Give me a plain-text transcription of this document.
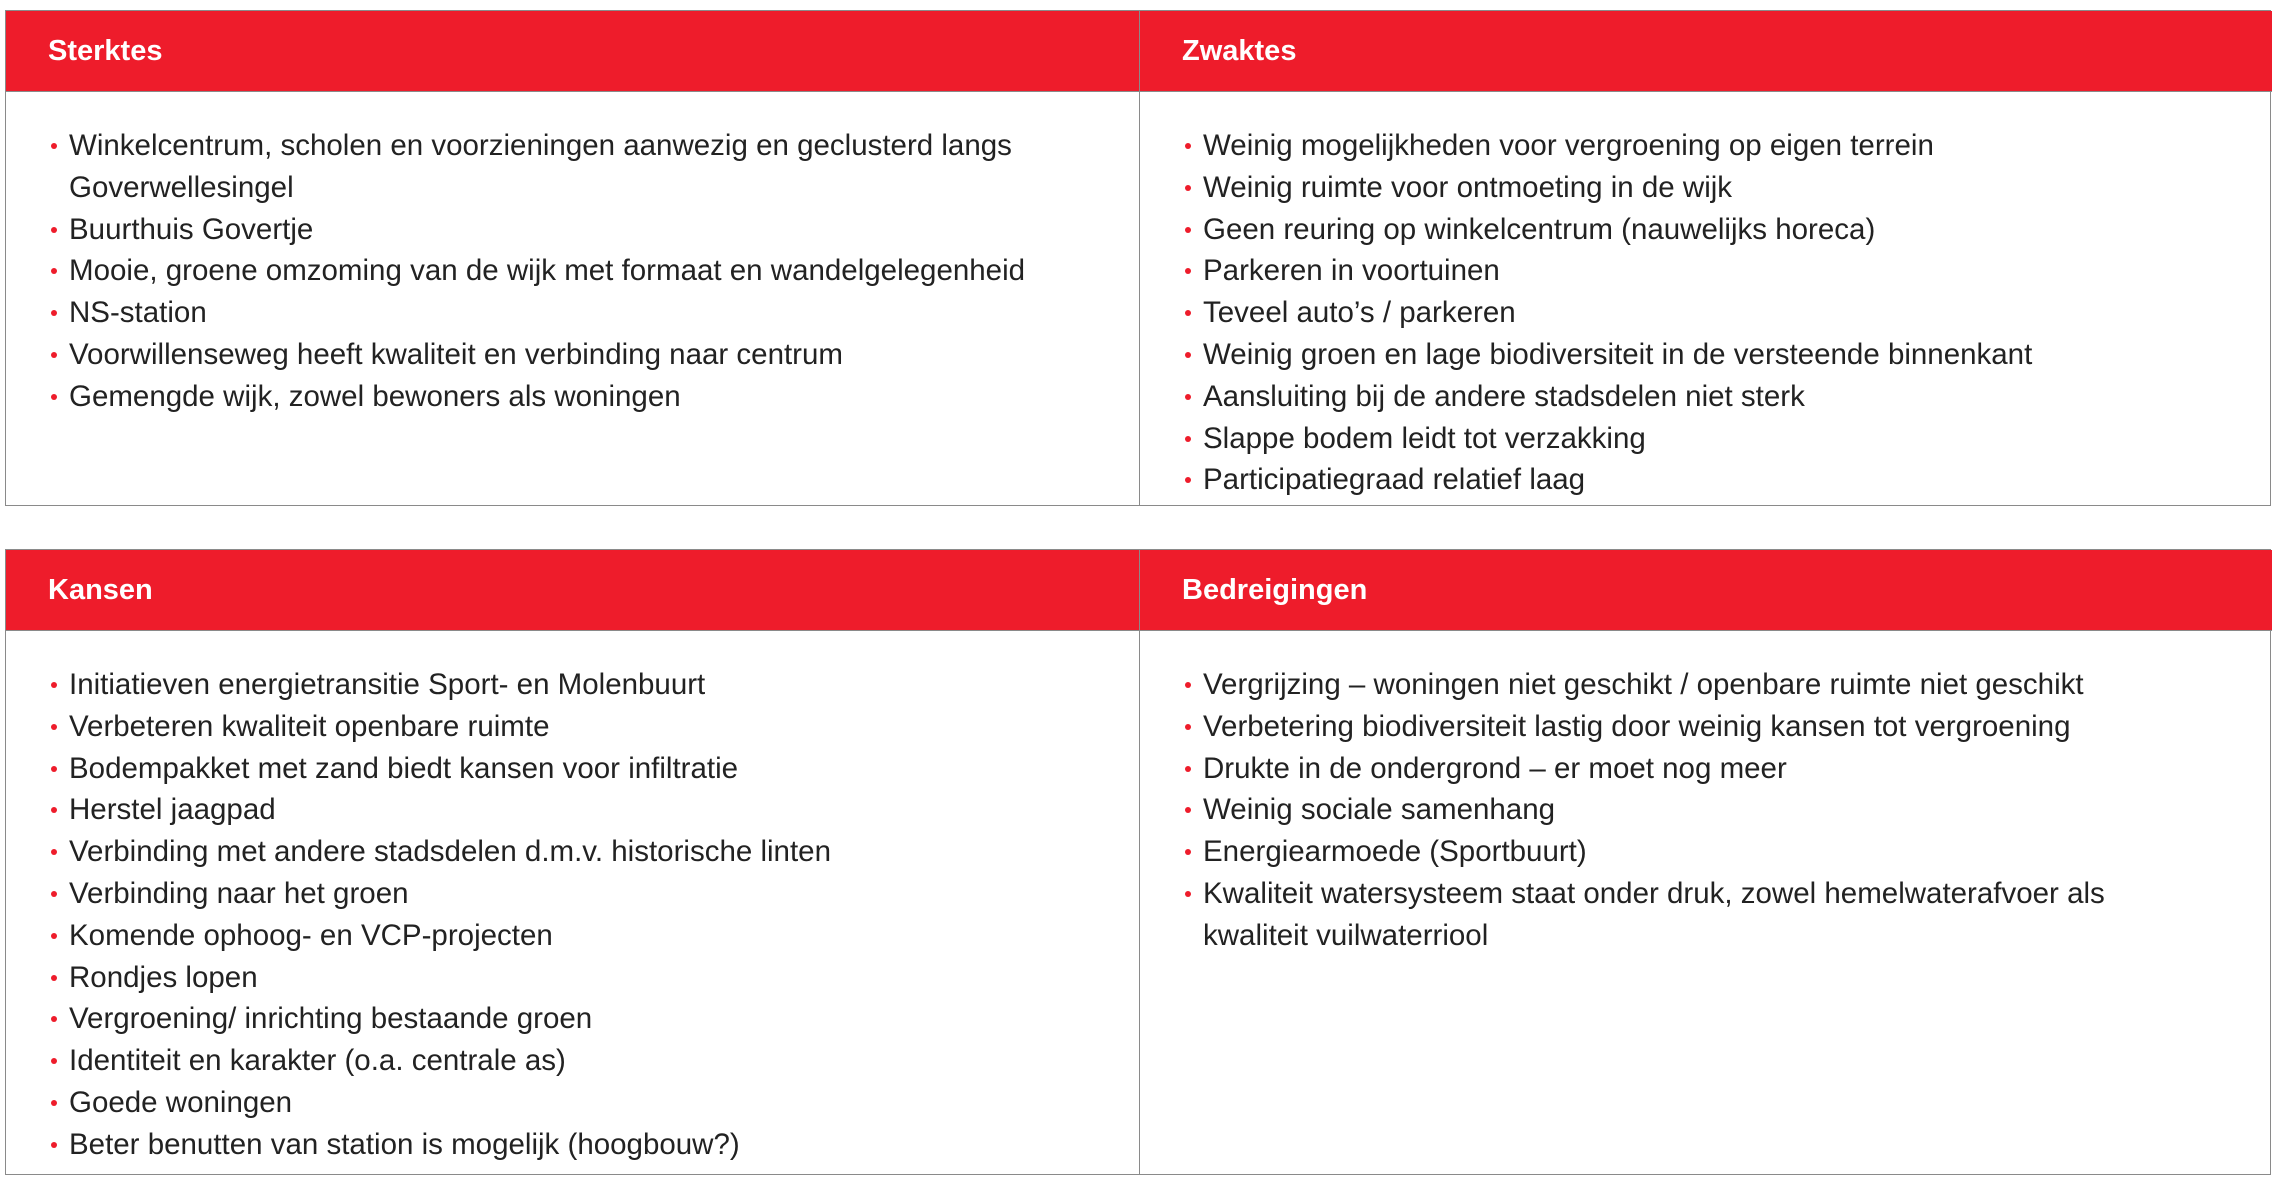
Sterktes
Winkelcentrum, scholen en voorzieningen aanwezig en geclusterd langs Goverwellesingel
Buurthuis Govertje
Mooie, groene omzoming van de wijk met formaat en wandelgelegenheid
NS-station
Voorwillenseweg heeft kwaliteit en verbinding naar centrum
Gemengde wijk, zowel bewoners als woningen
Zwaktes
Weinig mogelijkheden voor vergroening op eigen terrein
Weinig ruimte voor ontmoeting in de wijk
Geen reuring op winkelcentrum (nauwelijks horeca)
Parkeren in voortuinen
Teveel auto’s / parkeren
Weinig groen en lage biodiversiteit in de versteende binnenkant
Aansluiting bij de andere stadsdelen niet sterk
Slappe bodem leidt tot verzakking
Participatiegraad relatief laag
Kansen
Initiatieven energietransitie Sport- en Molenbuurt
Verbeteren kwaliteit openbare ruimte
Bodempakket met zand biedt kansen voor infiltratie
Herstel jaagpad
Verbinding met andere stadsdelen d.m.v. historische linten
Verbinding naar het groen
Komende ophoog- en VCP-projecten
Rondjes lopen
Vergroening/ inrichting bestaande groen
Identiteit en karakter (o.a. centrale as)
Goede woningen
Beter benutten van station is mogelijk (hoogbouw?)
Bedreigingen
Vergrijzing – woningen niet geschikt / openbare ruimte niet geschikt
Verbetering biodiversiteit lastig door weinig kansen tot vergroening
Drukte in de ondergrond – er moet nog meer
Weinig sociale samenhang
Energiearmoede (Sportbuurt)
Kwaliteit watersysteem staat onder druk, zowel hemelwaterafvoer als kwaliteit vuilwaterriool
